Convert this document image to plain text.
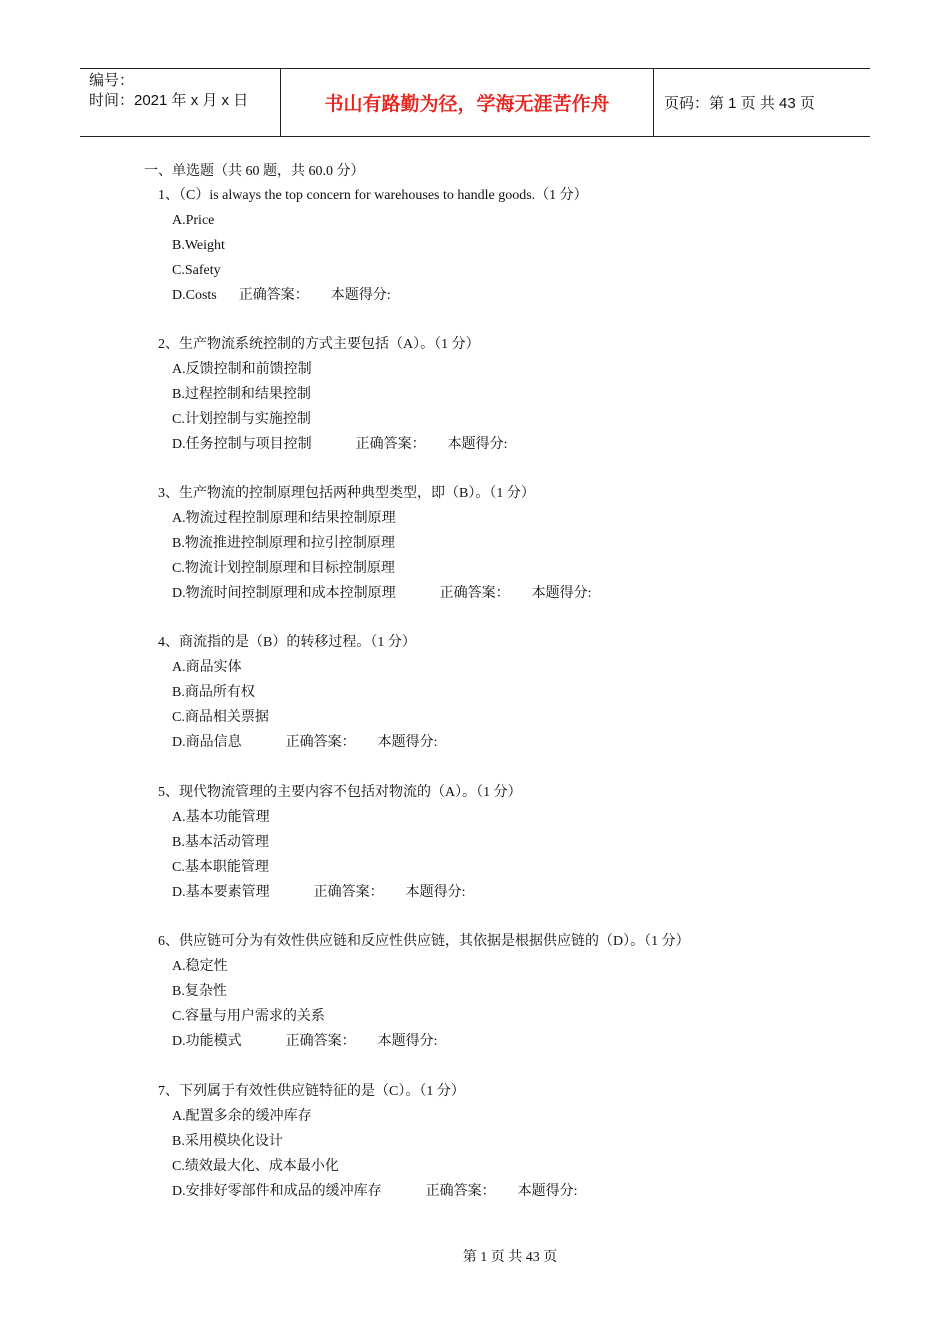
编号：
时间：2021 年 x 月 x 日	书山有路勤为径，学海无涯苦作舟	页码：第 1 页 共 43 页
一、单选题（共 60 题，共 60.0 分）
1、（C）is always the top concern for warehouses to handle goods.（1 分）
A.Price
B.Weight
C.Safety
D.Costs 正确答案： 本题得分:
2、生产物流系统控制的方式主要包括（A）。（1 分）
A.反馈控制和前馈控制
B.过程控制和结果控制
C.计划控制与实施控制
D.任务控制与项目控制	正确答案： 本题得分:
3、生产物流的控制原理包括两种典型类型，即（B）。（1 分）
A.物流过程控制原理和结果控制原理
B.物流推进控制原理和拉引控制原理
C.物流计划控制原理和目标控制原理
D.物流时间控制原理和成本控制原理	正确答案： 本题得分:
4、商流指的是（B）的转移过程。（1 分）
A.商品实体
B.商品所有权
C.商品相关票据
D.商品信息	正确答案： 本题得分:
5、现代物流管理的主要内容不包括对物流的（A）。（1 分）
A.基本功能管理
B.基本活动管理
C.基本职能管理
D.基本要素管理	正确答案： 本题得分:
6、供应链可分为有效性供应链和反应性供应链，其依据是根据供应链的（D）。（1 分）
A.稳定性
B.复杂性
C.容量与用户需求的关系
D.功能模式	正确答案： 本题得分:
7、下列属于有效性供应链特征的是（C）。（1 分）
A.配置多余的缓冲库存
B.采用模块化设计
C.绩效最大化、成本最小化
D.安排好零部件和成品的缓冲库存	正确答案： 本题得分:
第 1 页 共 43 页
